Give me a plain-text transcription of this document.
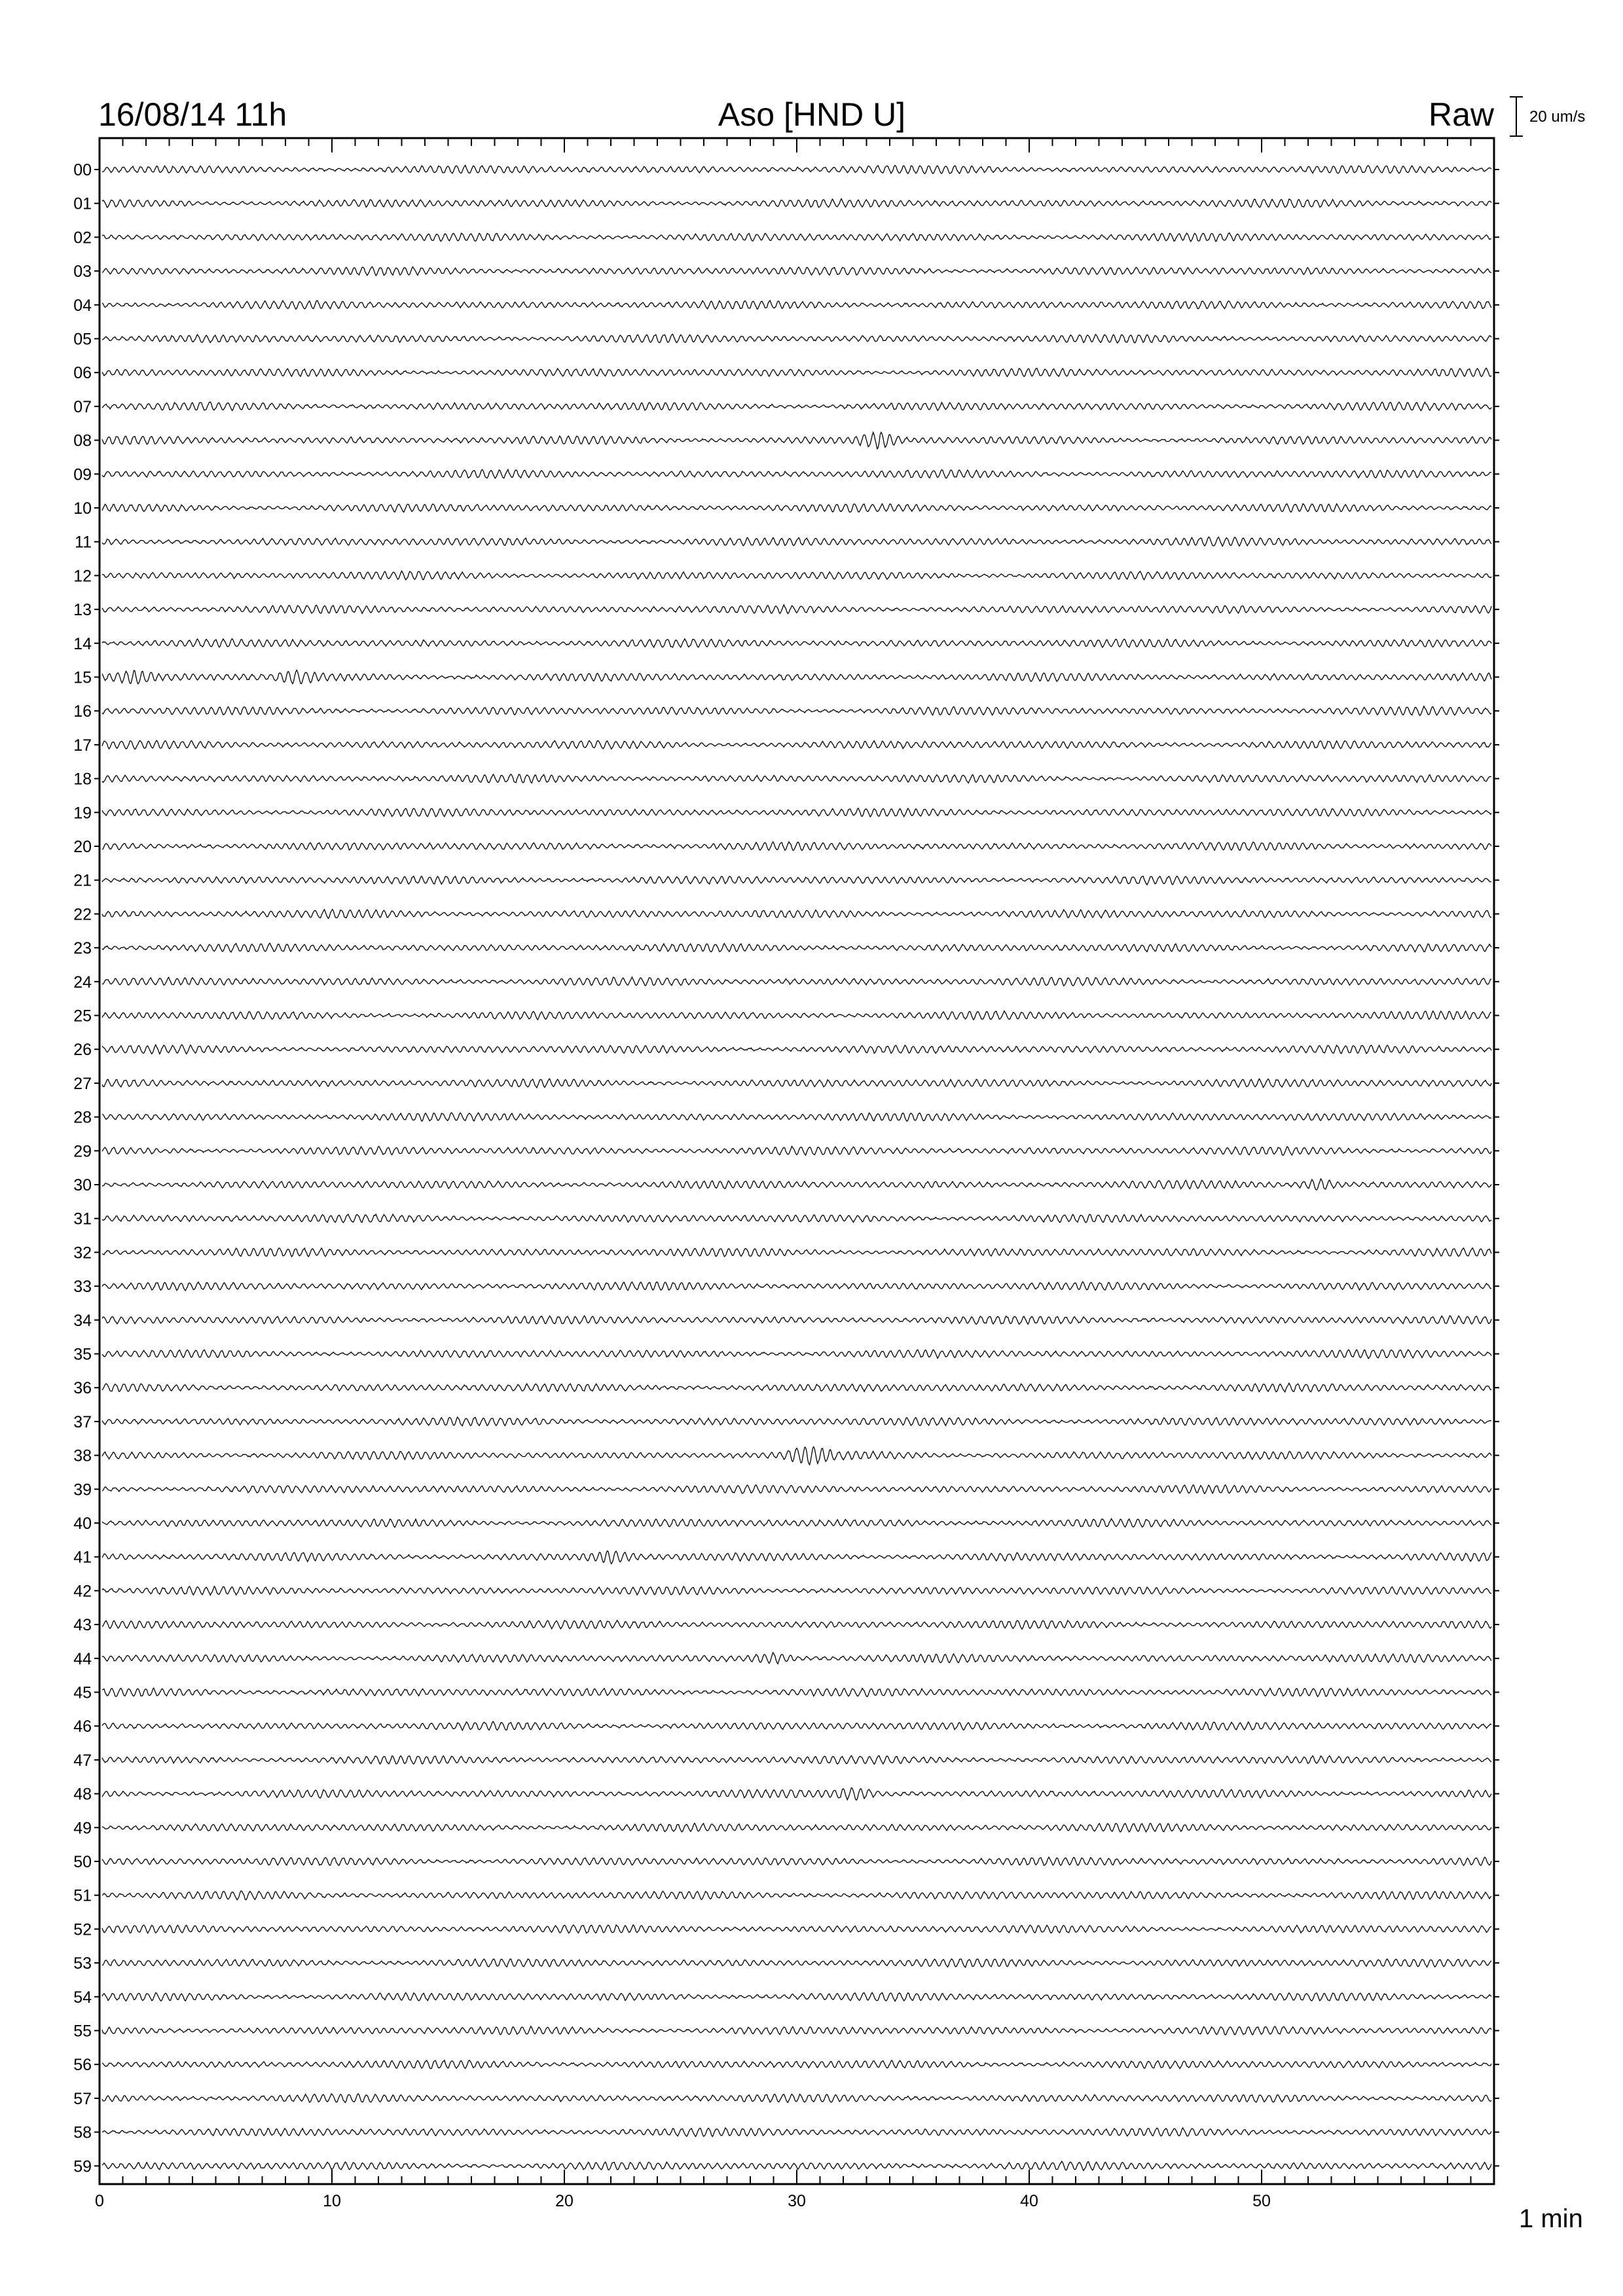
16/08/14 11h	Aso [HND U]	Raw 20 um/s
00
01
02
03
04
05
06
07
08
09
10
11
12
13
14
15
16
17
18
19
20
21
22
23
24
25
26
27
28
29
30
31
32
33
34
35
36
37
38
39
40
41
42
43
44
45
46
47
48
49
50
51
52
53
54
55
56
57
58
59
0	10	20	30	40	50
1 min
